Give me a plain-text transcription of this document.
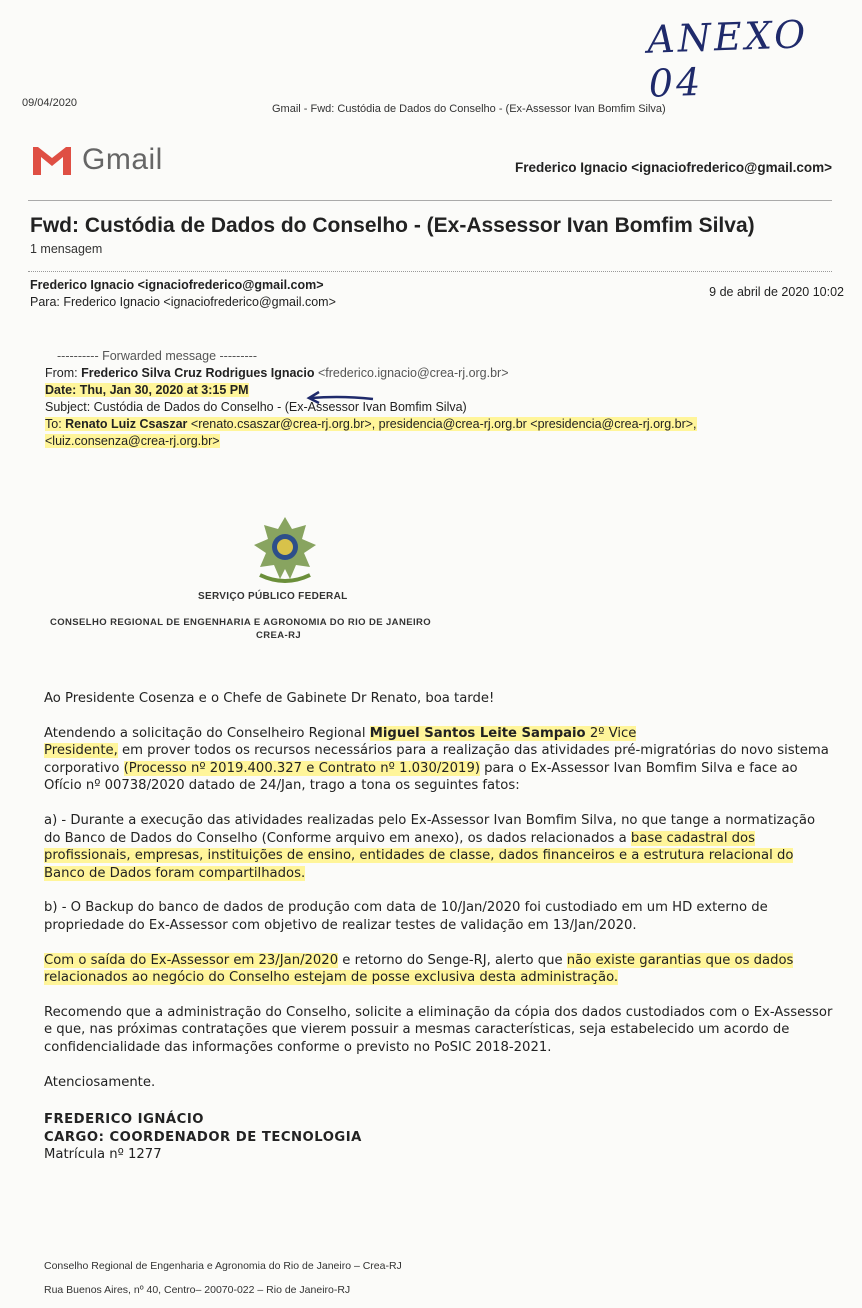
ANEXO 04
09/04/2020	Gmail - Fwd: Custódia de Dados do Conselho - (Ex-Assessor Ivan Bomfim Silva)
Gmail	Frederico Ignacio <ignaciofrederico@gmail.com>
Fwd: Custódia de Dados do Conselho - (Ex-Assessor Ivan Bomfim Silva)
1 mensagem
Frederico Ignacio <ignaciofrederico@gmail.com>
Para: Frederico Ignacio <ignaciofrederico@gmail.com>
9 de abril de 2020 10:02
---------- Forwarded message ---------
From: Frederico Silva Cruz Rodrigues Ignacio <frederico.ignacio@crea-rj.org.br>
Date: Thu, Jan 30, 2020 at 3:15 PM
Subject: Custódia de Dados do Conselho - (Ex-Assessor Ivan Bomfim Silva)
To: Renato Luiz Csaszar <renato.csaszar@crea-rj.org.br>, presidencia@crea-rj.org.br <presidencia@crea-rj.org.br>,
<luiz.consenza@crea-rj.org.br>
SERVIÇO PÚBLICO FEDERAL
CONSELHO REGIONAL DE ENGENHARIA E AGRONOMIA DO RIO DE JANEIRO
CREA-RJ

Ao Presidente Cosenza e o Chefe de Gabinete Dr Renato, boa tarde!

Atendendo a solicitação do Conselheiro Regional Miguel Santos Leite Sampaio 2º Vice
Presidente, em prover todos os recursos necessários para a realização das atividades pré-migratórias do novo sistema corporativo (Processo nº 2019.400.327 e Contrato nº 1.030/2019) para o Ex-Assessor Ivan Bomfim Silva e face ao Ofício nº 00738/2020 datado de 24/Jan, trago a tona os seguintes fatos:

a) - Durante a execução das atividades realizadas pelo Ex-Assessor Ivan Bomfim Silva, no que tange a normatização do Banco de Dados do Conselho (Conforme arquivo em anexo), os dados relacionados a base cadastral dos profissionais, empresas, instituições de ensino, entidades de classe, dados financeiros e a estrutura relacional do Banco de Dados foram compartilhados.

b) - O Backup do banco de dados de produção com data de 10/Jan/2020 foi custodiado em um HD externo de propriedade do Ex-Assessor com objetivo de realizar testes de validação em 13/Jan/2020.

Com o saída do Ex-Assessor em 23/Jan/2020 e retorno do Senge-RJ, alerto que não existe garantias que os dados relacionados ao negócio do Conselho estejam de posse exclusiva desta administração.

Recomendo que a administração do Conselho, solicite a eliminação da cópia dos dados custodiados com o Ex-Assessor e que, nas próximas contratações que vierem possuir a mesmas características, seja estabelecido um acordo de confidencialidade das informações conforme o previsto no PoSIC 2018-2021.

Atenciosamente.

FREDERICO IGNÁCIO
CARGO: COORDENADOR DE TECNOLOGIA
Matrícula nº 1277
Conselho Regional de Engenharia e Agronomia do Rio de Janeiro – Crea-RJ
Rua Buenos Aires, nº 40, Centro– 20070-022 – Rio de Janeiro-RJ
